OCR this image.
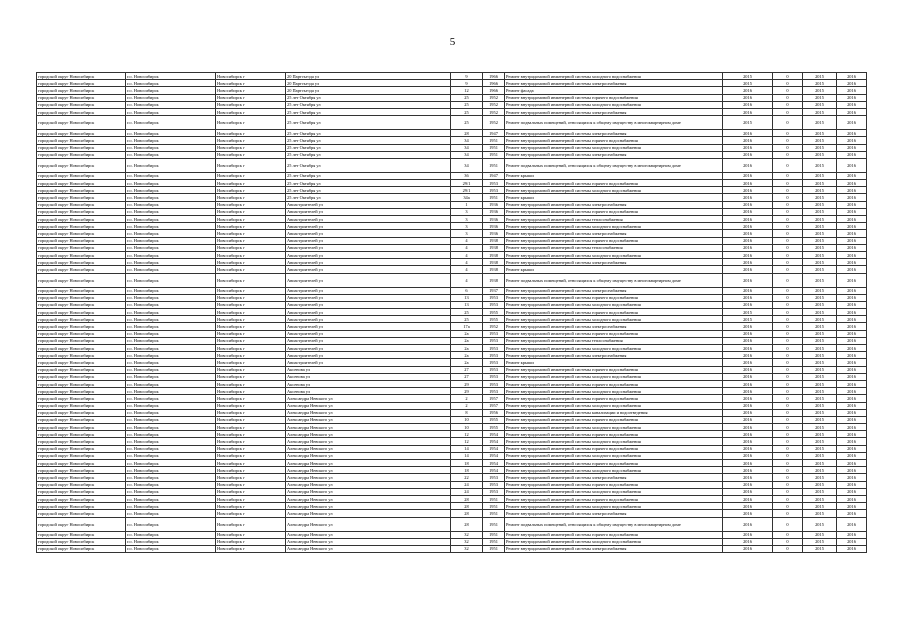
5
городской округ Новосибирск	г.о. Новосибирск	Новосибирск г	20 Партсъезда ул	9	1966	Ремонт внутридомовой инженерной системы холодного водоснабжения	2015	0	2015	2016
городской округ Новосибирск	г.о. Новосибирск	Новосибирск г	20 Партсъезда ул	9	1966	Ремонт внутридомовой инженерной системы электроснабжения	2015	0	2015	2016
городской округ Новосибирск	г.о. Новосибирск	Новосибирск г	20 Партсъезда ул	12	1966	Ремонт фасада	2016	0	2015	2016
городской округ Новосибирск	г.о. Новосибирск	Новосибирск г	25 лет Октября ул	25	1952	Ремонт внутридомовой инженерной системы горячего водоснабжения	2016	0	2015	2016
городской округ Новосибирск	г.о. Новосибирск	Новосибирск г	25 лет Октября ул	25	1952	Ремонт внутридомовой инженерной системы холодного водоснабжения	2016	0	2015	2016
городской округ Новосибирск	г.о. Новосибирск	Новосибирск г	25 лет Октября ул	25	1952	Ремонт внутридомовой инженерной системы электроснабжения	2016	0	2015	2016
городской округ Новосибирск	г.о. Новосибирск	Новосибирск г	25 лет Октября ул	25	1952	Ремонт подвальных помещений, относящихся к общему имуществу в многоквартирном доме	2015	0	2015	2016
городской округ Новосибирск	г.о. Новосибирск	Новосибирск г	25 лет Октября ул	28	1947	Ремонт внутридомовой инженерной системы электроснабжения	2016	0	2015	2016
городской округ Новосибирск	г.о. Новосибирск	Новосибирск г	25 лет Октября ул	34	1951	Ремонт внутридомовой инженерной системы горячего водоснабжения	2016	0	2015	2016
городской округ Новосибирск	г.о. Новосибирск	Новосибирск г	25 лет Октября ул	34	1951	Ремонт внутридомовой инженерной системы холодного водоснабжения	2016	0	2015	2016
городской округ Новосибирск	г.о. Новосибирск	Новосибирск г	25 лет Октября ул	34	1951	Ремонт внутридомовой инженерной системы электроснабжения	2016	0	2015	2016
городской округ Новосибирск	г.о. Новосибирск	Новосибирск г	25 лет Октября ул	34	1951	Ремонт подвальных помещений, относящихся к общему имуществу в многоквартирном доме	2016	0	2015	2016
городской округ Новосибирск	г.о. Новосибирск	Новосибирск г	25 лет Октября ул	36	1947	Ремонт крыши	2016	0	2015	2016
городской округ Новосибирск	г.о. Новосибирск	Новосибирск г	25 лет Октября ул	29/1	1953	Ремонт внутридомовой инженерной системы горячего водоснабжения	2016	0	2015	2016
городской округ Новосибирск	г.о. Новосибирск	Новосибирск г	25 лет Октября ул	29/1	1953	Ремонт внутридомовой инженерной системы холодного водоснабжения	2016	0	2015	2016
городской округ Новосибирск	г.о. Новосибирск	Новосибирск г	25 лет Октября ул	34а	1951	Ремонт крыши	2016	0	2015	2016
городской округ Новосибирск	г.о. Новосибирск	Новосибирск г	Авиастроителей ул	1	1936	Ремонт внутридомовой инженерной системы электроснабжения	2016	0	2015	2016
городской округ Новосибирск	г.о. Новосибирск	Новосибирск г	Авиастроителей ул	3	1936	Ремонт внутридомовой инженерной системы горячего водоснабжения	2016	0	2015	2016
городской округ Новосибирск	г.о. Новосибирск	Новосибирск г	Авиастроителей ул	3	1936	Ремонт внутридомовой инженерной системы теплоснабжения	2016	0	2015	2016
городской округ Новосибирск	г.о. Новосибирск	Новосибирск г	Авиастроителей ул	3	1936	Ремонт внутридомовой инженерной системы холодного водоснабжения	2016	0	2015	2016
городской округ Новосибирск	г.о. Новосибирск	Новосибирск г	Авиастроителей ул	3	1936	Ремонт внутридомовой инженерной системы электроснабжения	2016	0	2015	2016
городской округ Новосибирск	г.о. Новосибирск	Новосибирск г	Авиастроителей ул	4	1938	Ремонт внутридомовой инженерной системы горячего водоснабжения	2016	0	2015	2016
городской округ Новосибирск	г.о. Новосибирск	Новосибирск г	Авиастроителей ул	4	1938	Ремонт внутридомовой инженерной системы теплоснабжения	2016	0	2015	2016
городской округ Новосибирск	г.о. Новосибирск	Новосибирск г	Авиастроителей ул	4	1938	Ремонт внутридомовой инженерной системы холодного водоснабжения	2016	0	2015	2016
городской округ Новосибирск	г.о. Новосибирск	Новосибирск г	Авиастроителей ул	4	1938	Ремонт внутридомовой инженерной системы электроснабжения	2016	0	2015	2016
городской округ Новосибирск	г.о. Новосибирск	Новосибирск г	Авиастроителей ул	4	1938	Ремонт крыши	2016	0	2015	2016
городской округ Новосибирск	г.о. Новосибирск	Новосибирск г	Авиастроителей ул	4	1938	Ремонт подвальных помещений, относящихся к общему имуществу в многоквартирном доме	2016	0	2015	2016
городской округ Новосибирск	г.о. Новосибирск	Новосибирск г	Авиастроителей ул	6	1937	Ремонт внутридомовой инженерной системы электроснабжения	2016	0	2015	2016
городской округ Новосибирск	г.о. Новосибирск	Новосибирск г	Авиастроителей ул	13	1953	Ремонт внутридомовой инженерной системы горячего водоснабжения	2016	0	2015	2016
городской округ Новосибирск	г.о. Новосибирск	Новосибирск г	Авиастроителей ул	13	1953	Ремонт внутридомовой инженерной системы холодного водоснабжения	2016	0	2015	2016
городской округ Новосибирск	г.о. Новосибирск	Новосибирск г	Авиастроителей ул	25	1955	Ремонт внутридомовой инженерной системы горячего водоснабжения	2015	0	2015	2016
городской округ Новосибирск	г.о. Новосибирск	Новосибирск г	Авиастроителей ул	25	1955	Ремонт внутридомовой инженерной системы холодного водоснабжения	2015	0	2015	2016
городской округ Новосибирск	г.о. Новосибирск	Новосибирск г	Авиастроителей ул	17а	1952	Ремонт внутридомовой инженерной системы электроснабжения	2016	0	2015	2016
городской округ Новосибирск	г.о. Новосибирск	Новосибирск г	Авиастроителей ул	2а	1953	Ремонт внутридомовой инженерной системы горячего водоснабжения	2016	0	2015	2016
городской округ Новосибирск	г.о. Новосибирск	Новосибирск г	Авиастроителей ул	2а	1953	Ремонт внутридомовой инженерной системы теплоснабжения	2016	0	2015	2016
городской округ Новосибирск	г.о. Новосибирск	Новосибирск г	Авиастроителей ул	2а	1953	Ремонт внутридомовой инженерной системы холодного водоснабжения	2016	0	2015	2016
городской округ Новосибирск	г.о. Новосибирск	Новосибирск г	Авиастроителей ул	2а	1953	Ремонт внутридомовой инженерной системы электроснабжения	2016	0	2015	2016
городской округ Новосибирск	г.о. Новосибирск	Новосибирск г	Авиастроителей ул	2а	1953	Ремонт крыши	2016	0	2015	2016
городской округ Новосибирск	г.о. Новосибирск	Новосибирск г	Аксенова ул	27	1953	Ремонт внутридомовой инженерной системы горячего водоснабжения	2016	0	2015	2016
городской округ Новосибирск	г.о. Новосибирск	Новосибирск г	Аксенова ул	27	1953	Ремонт внутридомовой инженерной системы холодного водоснабжения	2016	0	2015	2016
городской округ Новосибирск	г.о. Новосибирск	Новосибирск г	Аксенова ул	29	1953	Ремонт внутридомовой инженерной системы горячего водоснабжения	2016	0	2015	2016
городской округ Новосибирск	г.о. Новосибирск	Новосибирск г	Аксенова ул	29	1953	Ремонт внутридомовой инженерной системы холодного водоснабжения	2016	0	2015	2016
городской округ Новосибирск	г.о. Новосибирск	Новосибирск г	Александра Невского ул	2	1957	Ремонт внутридомовой инженерной системы горячего водоснабжения	2016	0	2015	2016
городской округ Новосибирск	г.о. Новосибирск	Новосибирск г	Александра Невского ул	2	1957	Ремонт внутридомовой инженерной системы холодного водоснабжения	2016	0	2015	2016
городской округ Новосибирск	г.о. Новосибирск	Новосибирск г	Александра Невского ул	8	1956	Ремонт внутридомовой инженерной системы канализации и водоотведения	2016	0	2015	2016
городской округ Новосибирск	г.о. Новосибирск	Новосибирск г	Александра Невского ул	10	1955	Ремонт внутридомовой инженерной системы горячего водоснабжения	2016	0	2015	2016
городской округ Новосибирск	г.о. Новосибирск	Новосибирск г	Александра Невского ул	10	1955	Ремонт внутридомовой инженерной системы холодного водоснабжения	2016	0	2015	2016
городской округ Новосибирск	г.о. Новосибирск	Новосибирск г	Александра Невского ул	12	1954	Ремонт внутридомовой инженерной системы горячего водоснабжения	2016	0	2015	2016
городской округ Новосибирск	г.о. Новосибирск	Новосибирск г	Александра Невского ул	12	1954	Ремонт внутридомовой инженерной системы холодного водоснабжения	2016	0	2015	2016
городской округ Новосибирск	г.о. Новосибирск	Новосибирск г	Александра Невского ул	14	1954	Ремонт внутридомовой инженерной системы горячего водоснабжения	2016	0	2015	2016
городской округ Новосибирск	г.о. Новосибирск	Новосибирск г	Александра Невского ул	14	1954	Ремонт внутридомовой инженерной системы холодного водоснабжения	2016	0	2015	2016
городской округ Новосибирск	г.о. Новосибирск	Новосибирск г	Александра Невского ул	18	1954	Ремонт внутридомовой инженерной системы горячего водоснабжения	2016	0	2015	2016
городской округ Новосибирск	г.о. Новосибирск	Новосибирск г	Александра Невского ул	18	1954	Ремонт внутридомовой инженерной системы холодного водоснабжения	2016	0	2015	2016
городской округ Новосибирск	г.о. Новосибирск	Новосибирск г	Александра Невского ул	22	1953	Ремонт внутридомовой инженерной системы электроснабжения	2016	0	2015	2016
городской округ Новосибирск	г.о. Новосибирск	Новосибирск г	Александра Невского ул	24	1953	Ремонт внутридомовой инженерной системы горячего водоснабжения	2016	0	2015	2016
городской округ Новосибирск	г.о. Новосибирск	Новосибирск г	Александра Невского ул	24	1953	Ремонт внутридомовой инженерной системы холодного водоснабжения	2016	0	2015	2016
городской округ Новосибирск	г.о. Новосибирск	Новосибирск г	Александра Невского ул	28	1951	Ремонт внутридомовой инженерной системы горячего водоснабжения	2016	0	2015	2016
городской округ Новосибирск	г.о. Новосибирск	Новосибирск г	Александра Невского ул	28	1951	Ремонт внутридомовой инженерной системы холодного водоснабжения	2016	0	2015	2016
городской округ Новосибирск	г.о. Новосибирск	Новосибирск г	Александра Невского ул	28	1951	Ремонт внутридомовой инженерной системы электроснабжения	2016	0	2015	2016
городской округ Новосибирск	г.о. Новосибирск	Новосибирск г	Александра Невского ул	28	1951	Ремонт подвальных помещений, относящихся к общему имуществу в многоквартирном доме	2016	0	2015	2016
городской округ Новосибирск	г.о. Новосибирск	Новосибирск г	Александра Невского ул	32	1951	Ремонт внутридомовой инженерной системы горячего водоснабжения	2016	0	2015	2016
городской округ Новосибирск	г.о. Новосибирск	Новосибирск г	Александра Невского ул	32	1951	Ремонт внутридомовой инженерной системы холодного водоснабжения	2016	0	2015	2016
городской округ Новосибирск	г.о. Новосибирск	Новосибирск г	Александра Невского ул	32	1951	Ремонт внутридомовой инженерной системы электроснабжения	2016	0	2015	2016
